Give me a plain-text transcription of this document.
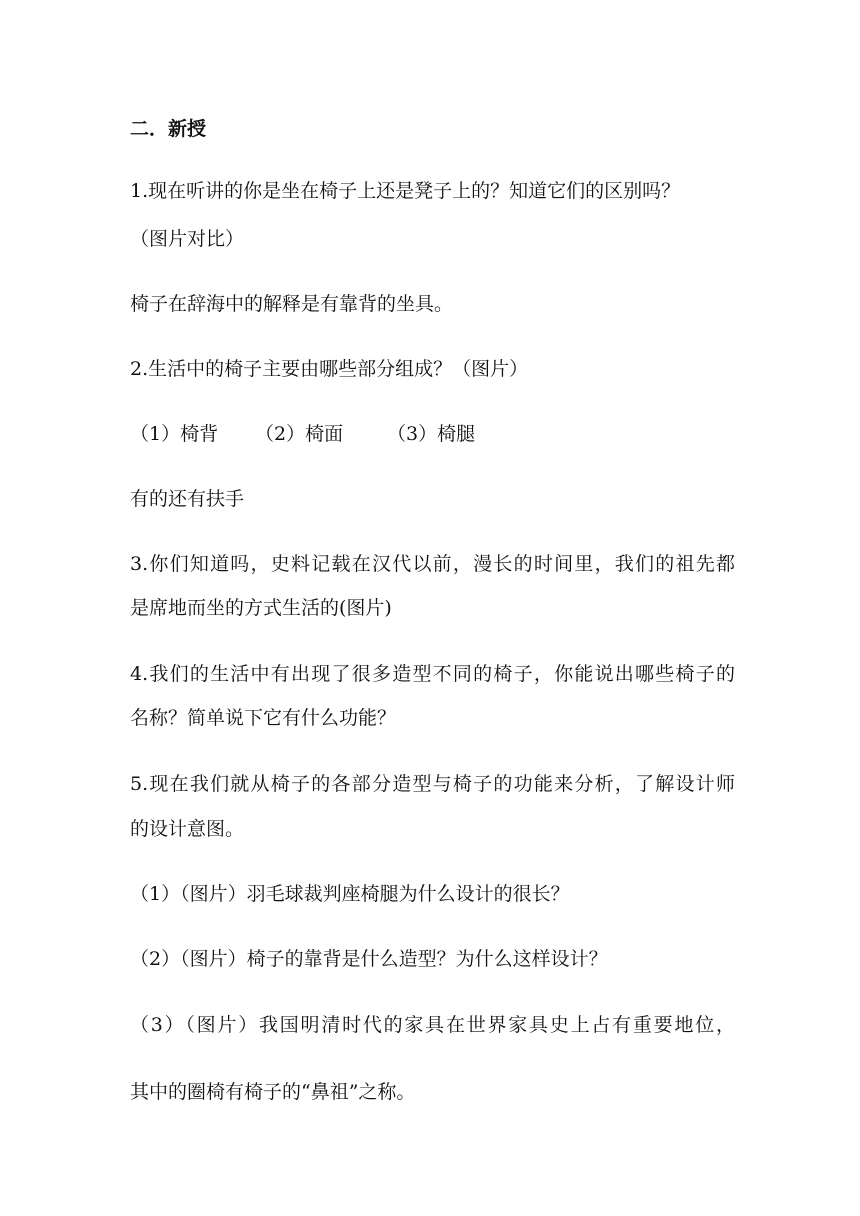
二．新授
1.现在听讲的你是坐在椅子上还是凳子上的？知道它们的区别吗？
（图片对比）
椅子在辞海中的解释是有靠背的坐具。
2.生活中的椅子主要由哪些部分组成？（图片）
（1）椅背 （2）椅面 （3）椅腿
有的还有扶手
3.你们知道吗，史料记载在汉代以前，漫长的时间里，我们的祖先都
是席地而坐的方式生活的(图片)
4.我们的生活中有出现了很多造型不同的椅子，你能说出哪些椅子的
名称？简单说下它有什么功能？
5.现在我们就从椅子的各部分造型与椅子的功能来分析，了解设计师
的设计意图。
（1）（图片）羽毛球裁判座椅腿为什么设计的很长？
（2）（图片）椅子的靠背是什么造型？为什么这样设计？
（3）（图片）我国明清时代的家具在世界家具史上占有重要地位，
其中的圈椅有椅子的“鼻祖”之称。
